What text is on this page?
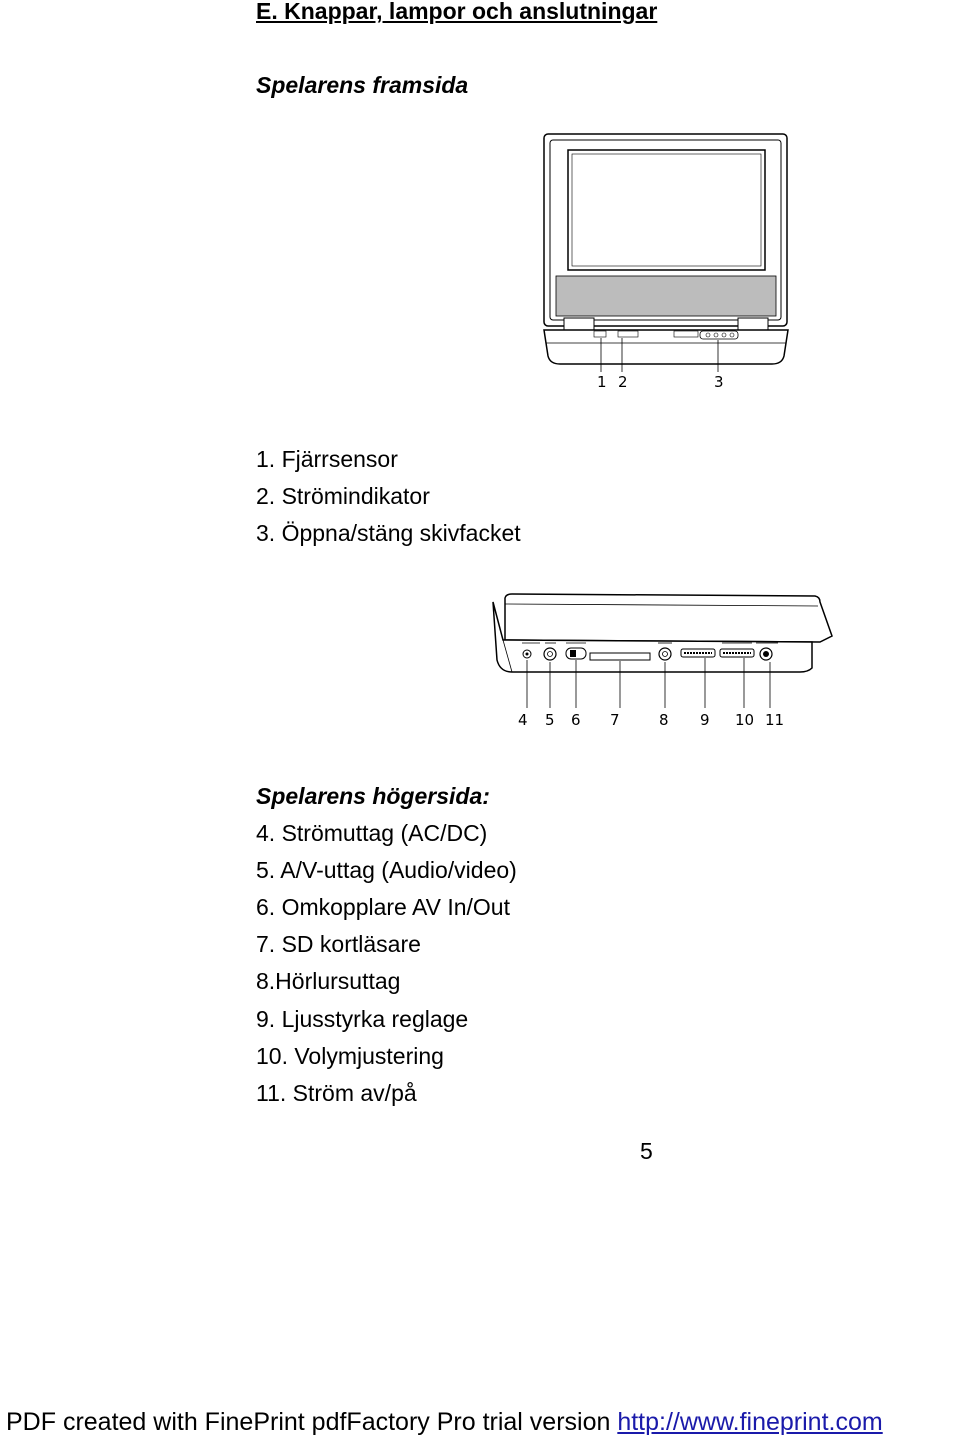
E. Knappar, lampor och anslutningar
Spelarens framsida
1 2	3
1. Fjärrsensor
2. Strömindikator
3. Öppna/stäng skivfacket
4 5 6 7	8 9 10 11
Spelarens högersida:
4. Strömuttag (AC/DC)
5. A/V-uttag (Audio/video)
6. Omkopplare AV In/Out
7. SD kortläsare
8.Hörlursuttag
9. Ljusstyrka reglage
10. Volymjustering
11. Ström av/på
5
PDF created with FinePrint pdfFactory Pro trial version http://www.fineprint.com
